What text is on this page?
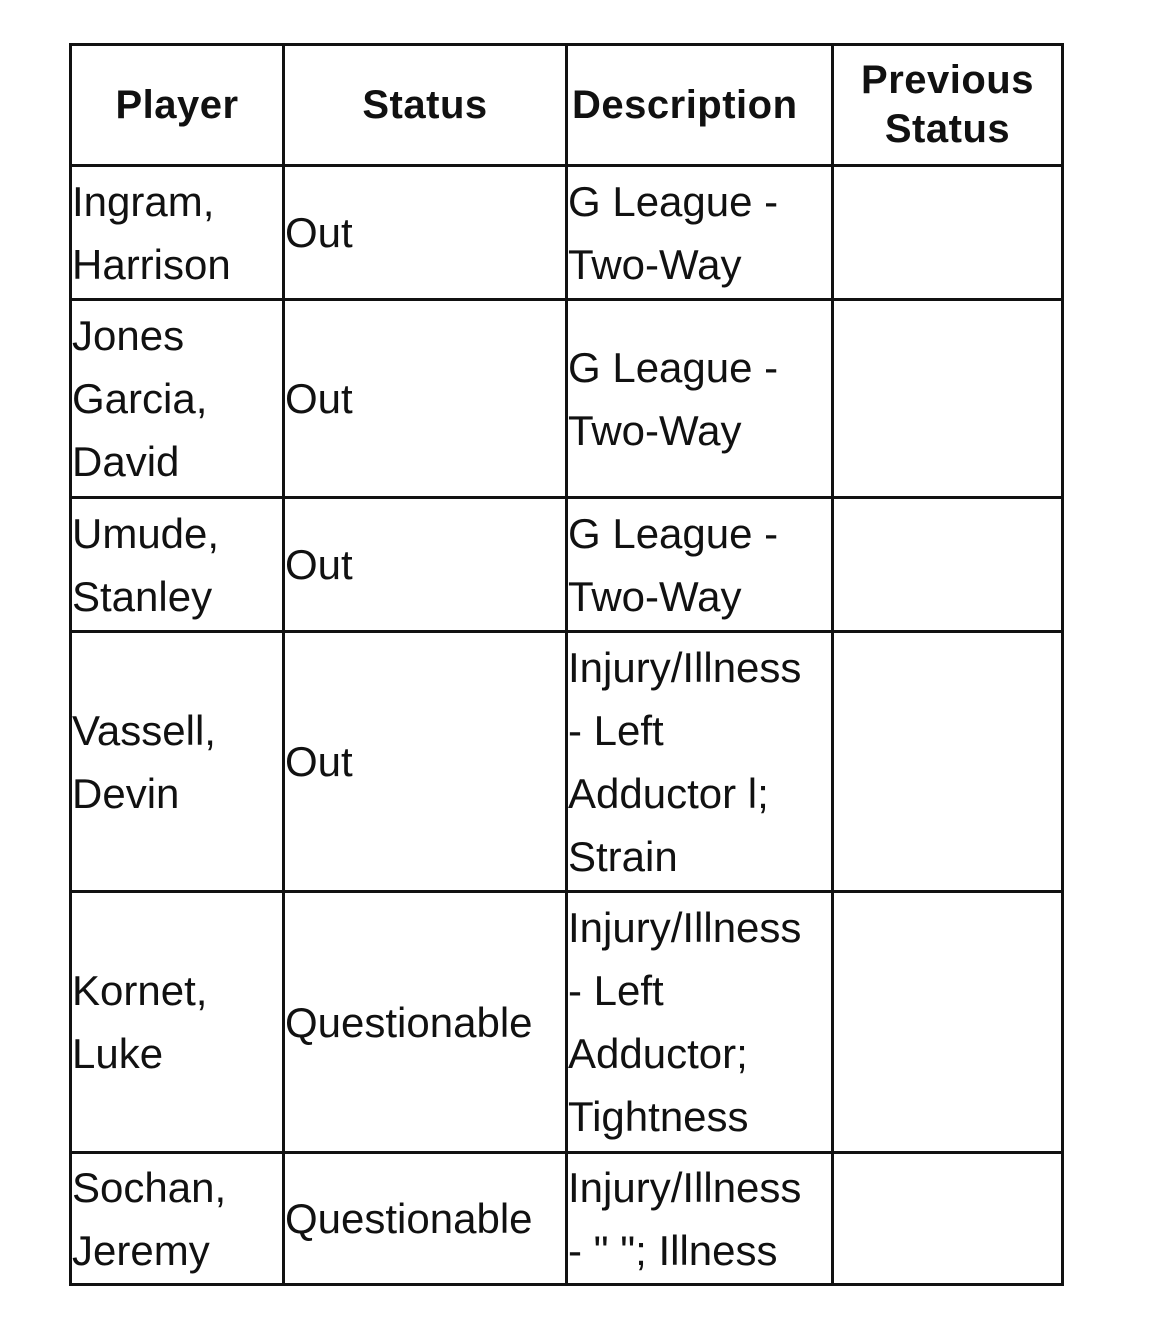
Player	Status	Description	Previous
Status

Ingram,
Harrison	Out	G League -
Two-Way	

Jones
Garcia,
David	Out	G League -
Two-Way	

Umude,
Stanley	Out	G League -
Two-Way	

Vassell,
Devin	Out	Injury/Illness
- Left
Adductor l;
Strain	

Kornet,
Luke	Questionable	Injury/Illness
- Left
Adductor;
Tightness	

Sochan,
Jeremy	Questionable	Injury/Illness
- " "; Illness	
